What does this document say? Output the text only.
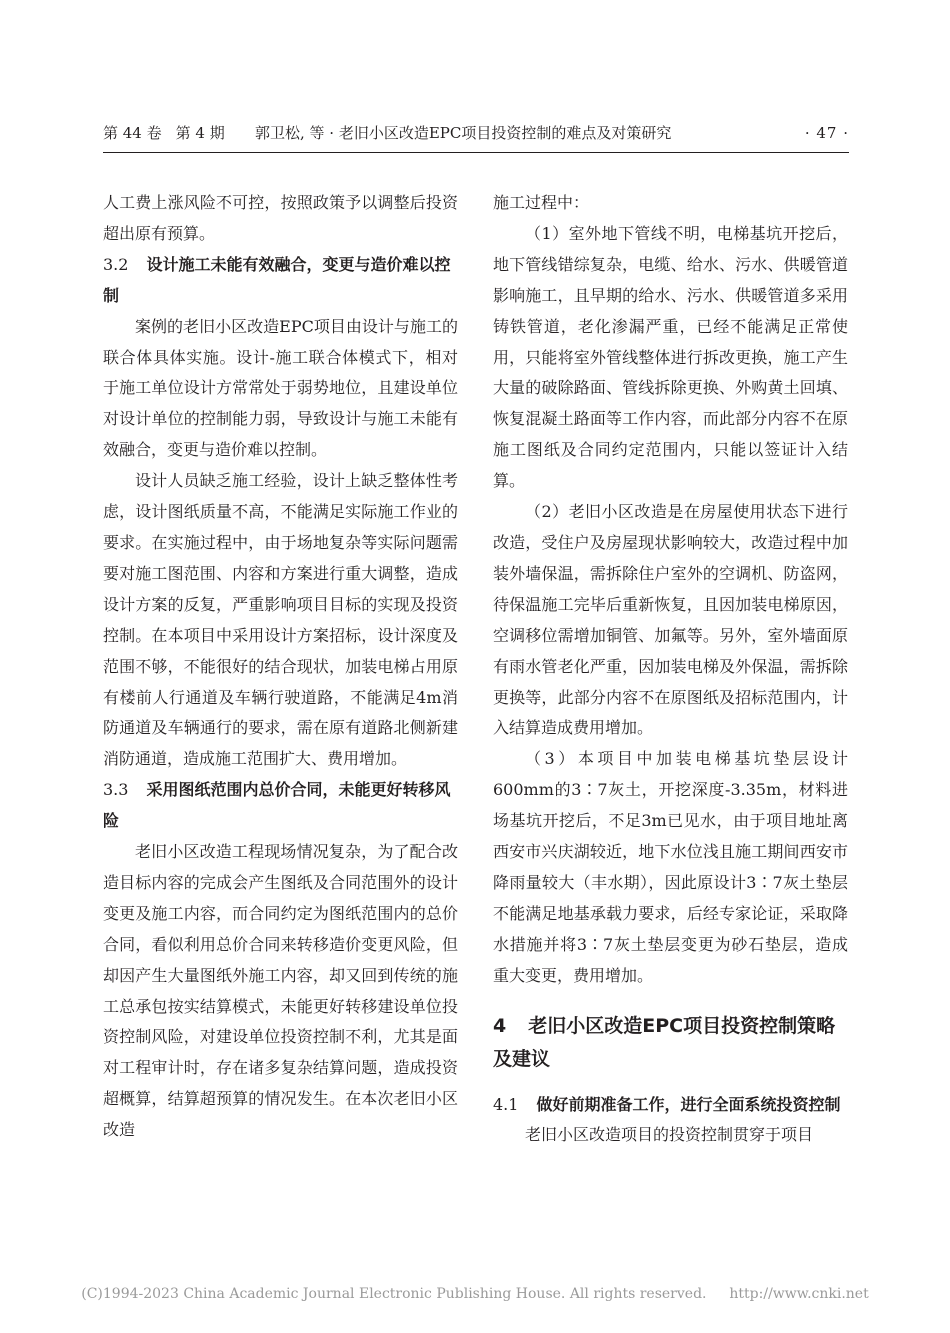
第 44 卷 第 4 期 郭卫松, 等 · 老旧小区改造EPC项目投资控制的难点及对策研究	· 47 ·

人工费上涨风险不可控，按照政策予以调整后投资超出原有预算。

3.2 设计施工未能有效融合，变更与造价难以控制

案例的老旧小区改造EPC项目由设计与施工的联合体具体实施。设计-施工联合体模式下，相对于施工单位设计方常常处于弱势地位，且建设单位对设计单位的控制能力弱，导致设计与施工未能有效融合，变更与造价难以控制。

设计人员缺乏施工经验，设计上缺乏整体性考虑，设计图纸质量不高，不能满足实际施工作业的要求。在实施过程中，由于场地复杂等实际问题需要对施工图范围、内容和方案进行重大调整，造成设计方案的反复，严重影响项目目标的实现及投资控制。在本项目中采用设计方案招标，设计深度及范围不够，不能很好的结合现状，加装电梯占用原有楼前人行通道及车辆行驶道路，不能满足4m消防通道及车辆通行的要求，需在原有道路北侧新建消防通道，造成施工范围扩大、费用增加。

3.3 采用图纸范围内总价合同，未能更好转移风险

老旧小区改造工程现场情况复杂，为了配合改造目标内容的完成会产生图纸及合同范围外的设计变更及施工内容，而合同约定为图纸范围内的总价合同，看似利用总价合同来转移造价变更风险，但却因产生大量图纸外施工内容，却又回到传统的施工总承包按实结算模式，未能更好转移建设单位投资控制风险，对建设单位投资控制不利，尤其是面对工程审计时，存在诸多复杂结算问题，造成投资超概算，结算超预算的情况发生。在本次老旧小区改造

施工过程中：

（1）室外地下管线不明，电梯基坑开挖后，地下管线错综复杂，电缆、给水、污水、供暖管道影响施工，且早期的给水、污水、供暖管道多采用铸铁管道，老化渗漏严重，已经不能满足正常使用，只能将室外管线整体进行拆改更换，施工产生大量的破除路面、管线拆除更换、外购黄土回填、恢复混凝土路面等工作内容，而此部分内容不在原施工图纸及合同约定范围内，只能以签证计入结算。

（2）老旧小区改造是在房屋使用状态下进行改造，受住户及房屋现状影响较大，改造过程中加装外墙保温，需拆除住户室外的空调机、防盗网，待保温施工完毕后重新恢复，且因加装电梯原因，空调移位需增加铜管、加氟等。另外，室外墙面原有雨水管老化严重，因加装电梯及外保温，需拆除更换等，此部分内容不在原图纸及招标范围内，计入结算造成费用增加。

（3）本项目中加装电梯基坑垫层设计600mm的3∶7灰土，开挖深度-3.35m，材料进场基坑开挖后，不足3m已见水，由于项目地址离西安市兴庆湖较近，地下水位浅且施工期间西安市降雨量较大（丰水期），因此原设计3∶7灰土垫层不能满足地基承载力要求，后经专家论证，采取降水措施并将3∶7灰土垫层变更为砂石垫层，造成重大变更，费用增加。

4 老旧小区改造EPC项目投资控制策略及建议
4.1 做好前期准备工作，进行全面系统投资控制

老旧小区改造项目的投资控制贯穿于项目

(C)1994-2023 China Academic Journal Electronic Publishing House. All rights reserved. http://www.cnki.net
